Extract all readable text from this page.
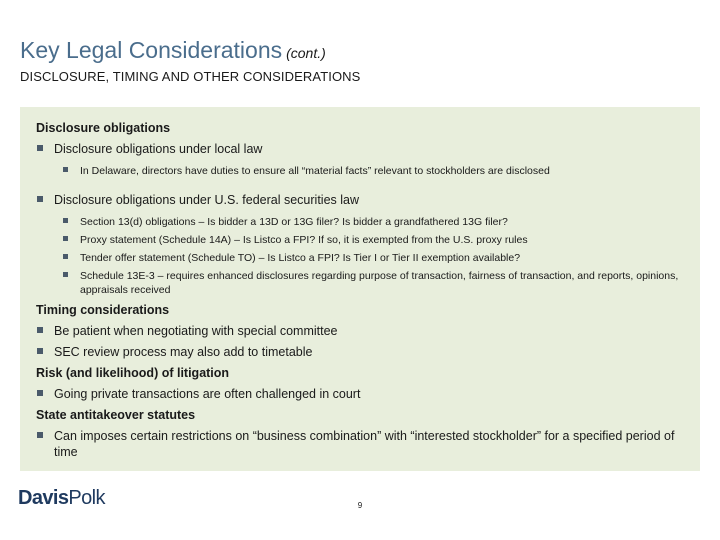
Key Legal Considerations (cont.)
DISCLOSURE, TIMING AND OTHER CONSIDERATIONS
Disclosure obligations
Disclosure obligations under local law
In Delaware, directors have duties to ensure all “material facts” relevant to stockholders are disclosed
Disclosure obligations under U.S. federal securities law
Section 13(d) obligations – Is bidder a 13D or 13G filer? Is bidder a grandfathered 13G filer?
Proxy statement (Schedule 14A) – Is Listco a FPI? If so, it is exempted from the U.S. proxy rules
Tender offer statement (Schedule TO) – Is Listco a FPI? Is Tier I or Tier II exemption available?
Schedule 13E-3 – requires enhanced disclosures regarding purpose of transaction, fairness of transaction, and reports, opinions, appraisals received
Timing considerations
Be patient when negotiating with special committee
SEC review process may also add to timetable
Risk (and likelihood) of litigation
Going private transactions are often challenged in court
State antitakeover statutes
Can imposes certain restrictions on “business combination” with “interested stockholder” for a specified period of time
DavisPolk	9
